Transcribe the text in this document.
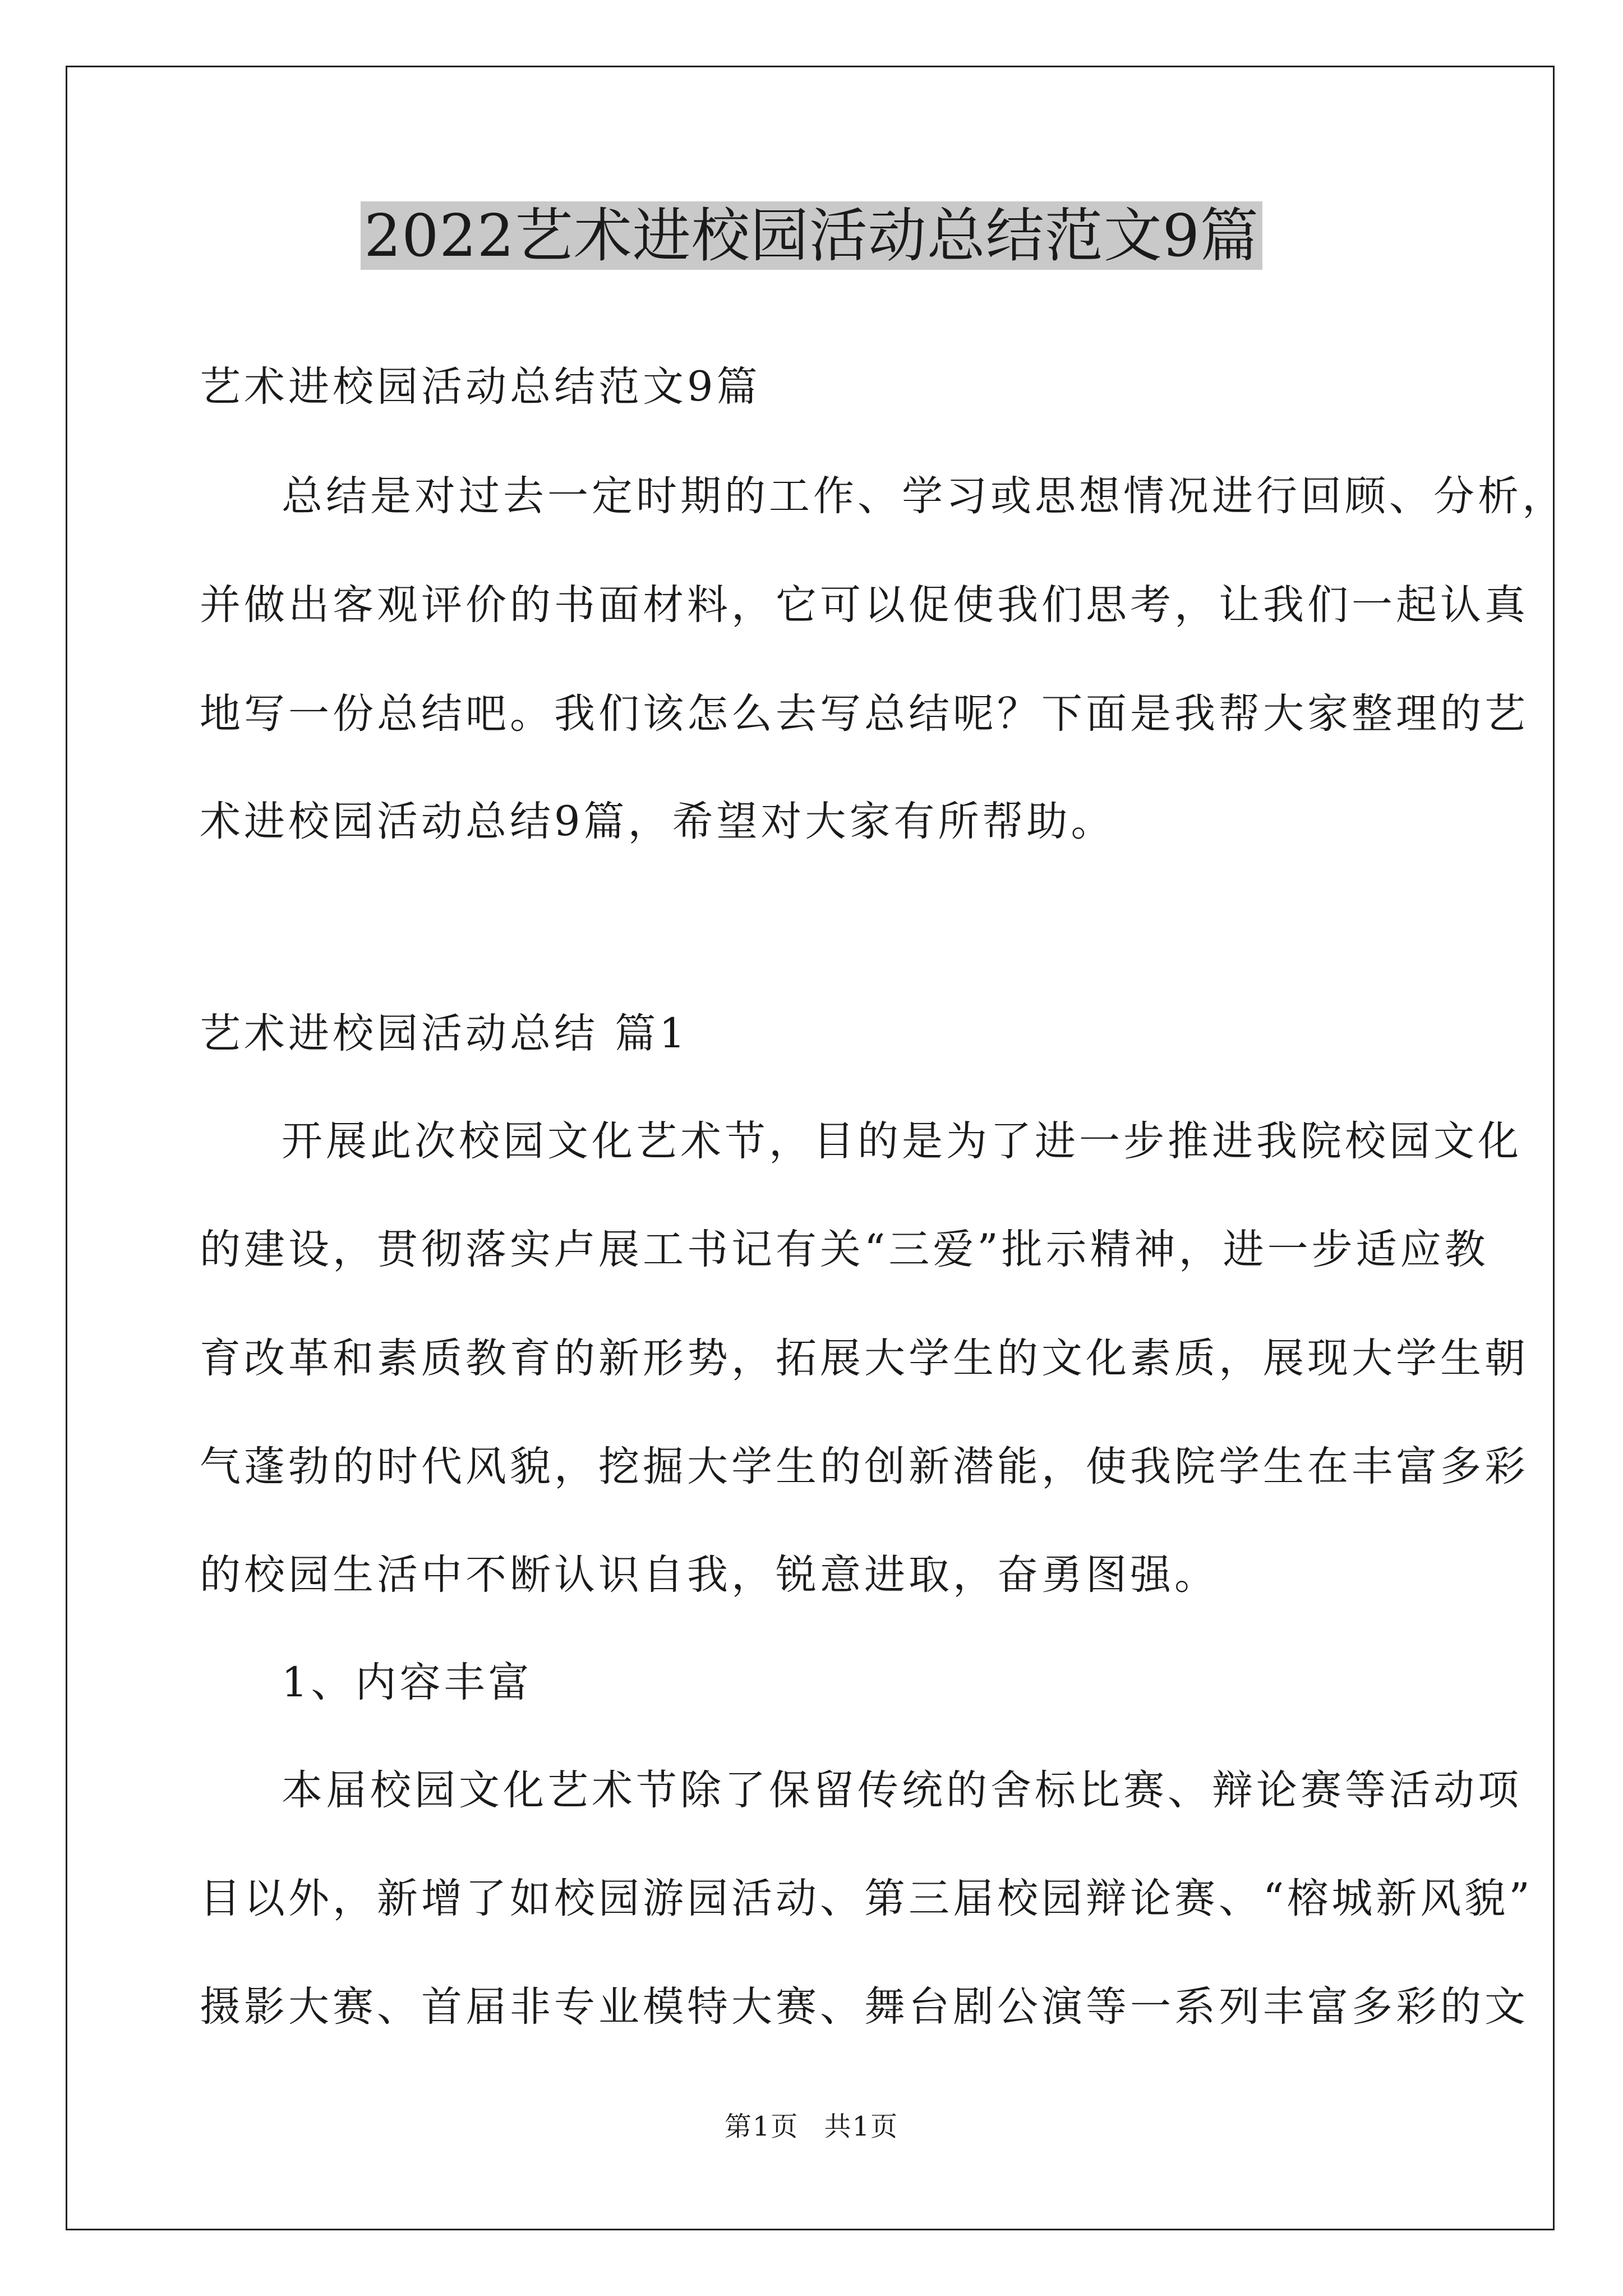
2022艺术进校园活动总结范文9篇
艺术进校园活动总结范文9篇
总结是对过去一定时期的工作、学习或思想情况进行回顾、分析，
并做出客观评价的书面材料，它可以促使我们思考，让我们一起认真
地写一份总结吧。我们该怎么去写总结呢？下面是我帮大家整理的艺
术进校园活动总结9篇，希望对大家有所帮助。
艺术进校园活动总结 篇1
开展此次校园文化艺术节，目的是为了进一步推进我院校园文化
的建设，贯彻落实卢展工书记有关“三爱”批示精神，进一步适应教
育改革和素质教育的新形势，拓展大学生的文化素质，展现大学生朝
气蓬勃的时代风貌，挖掘大学生的创新潜能，使我院学生在丰富多彩
的校园生活中不断认识自我，锐意进取，奋勇图强。
1、内容丰富
本届校园文化艺术节除了保留传统的舍标比赛、辩论赛等活动项
目以外，新增了如校园游园活动、第三届校园辩论赛、“榕城新风貌”
摄影大赛、首届非专业模特大赛、舞台剧公演等一系列丰富多彩的文
第1页 共1页
